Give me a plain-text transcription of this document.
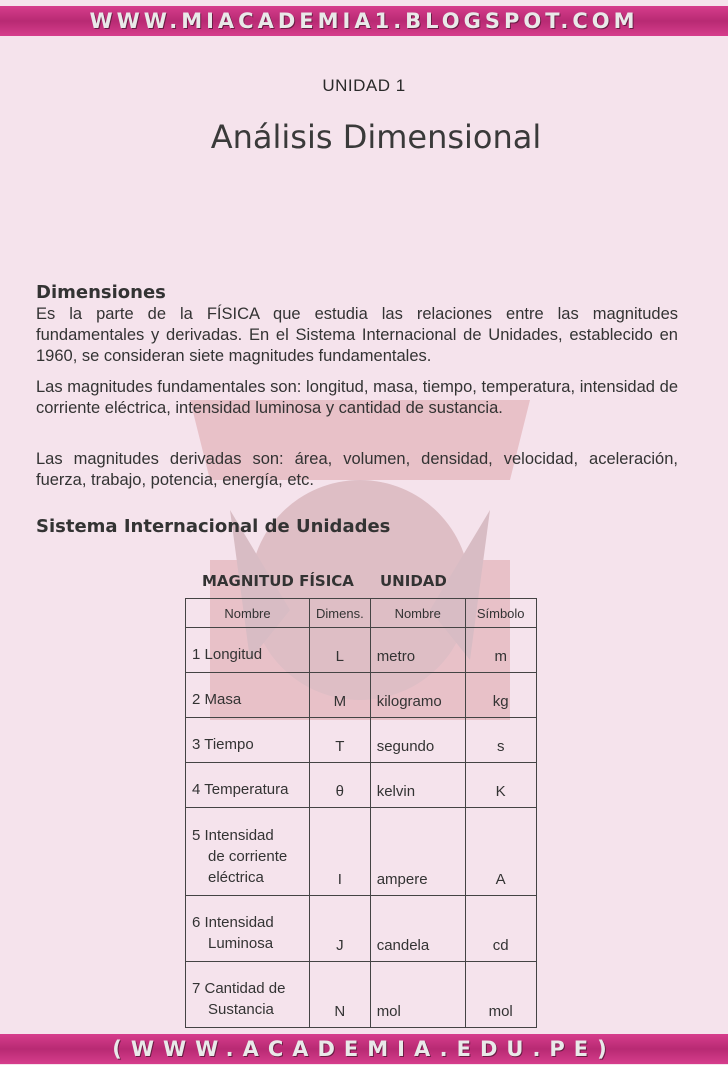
WWW.MIACADEMIA1.BLOGSPOT.COM
UNIDAD 1
Análisis Dimensional
Dimensiones
Es la parte de la FÍSICA que estudia las relaciones entre las magnitudes fundamentales y derivadas. En el Sistema Internacional de Unidades, establecido en 1960, se consideran siete magnitudes fundamentales.
Las magnitudes fundamentales son: longitud, masa, tiempo, temperatura, intensidad de corriente eléctrica, intensidad luminosa y cantidad de sustancia.
Las magnitudes derivadas son: área, volumen, densidad, velocidad, aceleración, fuerza, trabajo, potencia, energía, etc.
Sistema Internacional de Unidades
MAGNITUD FÍSICA UNIDAD
Nombre	Dimens.	Nombre	Símbolo

1 Longitud	L	metro	m

2 Masa	M	kilogramo	kg

3 Tiempo	T	segundo	s

4 Temperatura	θ	kelvin	K

5 Intensidad
de corriente
eléctrica	I	ampere	A

6 Intensidad
Luminosa	J	candela	cd

7 Cantidad de
Sustancia	N	mol	mol
(WWW.ACADEMIA.EDU.PE)
